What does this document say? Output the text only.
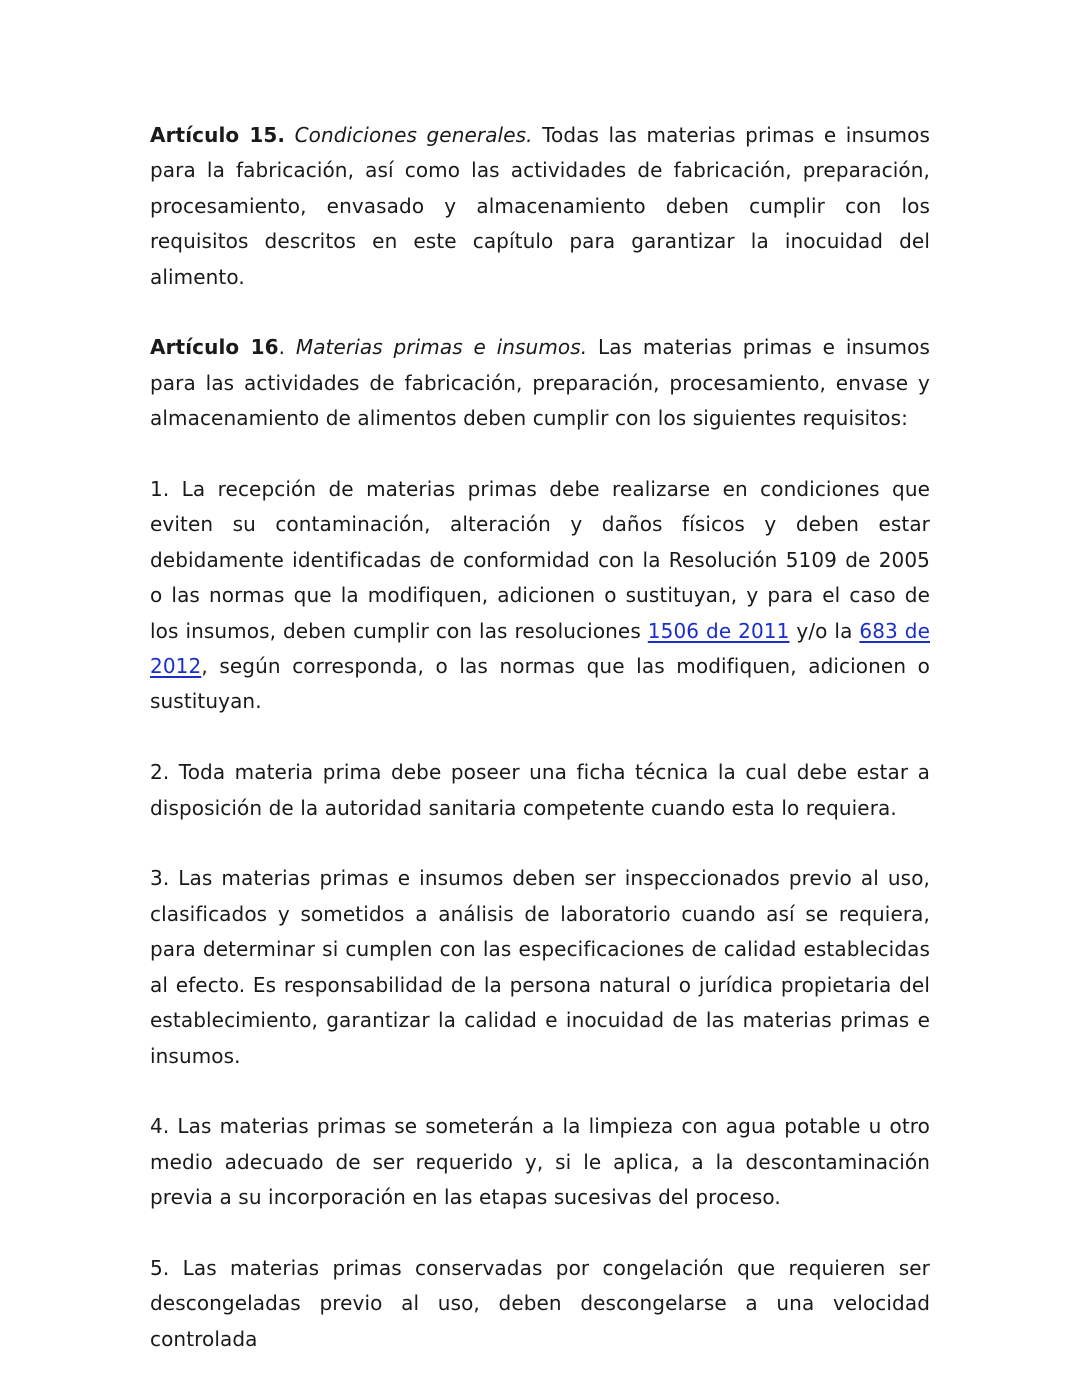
Artículo 15. Condiciones generales. Todas las materias primas e insumos para la fabricación, así como las actividades de fabricación, preparación, procesamiento, envasado y almacenamiento deben cumplir con los requisitos descritos en este capítulo para garantizar la inocuidad del alimento.

Artículo 16. Materias primas e insumos. Las materias primas e insumos para las actividades de fabricación, preparación, procesamiento, envase y almacenamiento de alimentos deben cumplir con los siguientes requisitos:

1. La recepción de materias primas debe realizarse en condiciones que eviten su contaminación, alteración y daños físicos y deben estar debidamente identificadas de conformidad con la Resolución 5109 de 2005 o las normas que la modifiquen, adicionen o sustituyan, y para el caso de los insumos, deben cumplir con las resoluciones 1506 de 2011 y/o la 683 de 2012, según corresponda, o las normas que las modifiquen, adicionen o sustituyan.

2. Toda materia prima debe poseer una ficha técnica la cual debe estar a disposición de la autoridad sanitaria competente cuando esta lo requiera.

3. Las materias primas e insumos deben ser inspeccionados previo al uso, clasificados y sometidos a análisis de laboratorio cuando así se requiera, para determinar si cumplen con las especificaciones de calidad establecidas al efecto. Es responsabilidad de la persona natural o jurídica propietaria del establecimiento, garantizar la calidad e inocuidad de las materias primas e insumos.

4. Las materias primas se someterán a la limpieza con agua potable u otro medio adecuado de ser requerido y, si le aplica, a la descontaminación previa a su incorporación en las etapas sucesivas del proceso.

5. Las materias primas conservadas por congelación que requieren ser descongeladas previo al uso, deben descongelarse a una velocidad controlada
